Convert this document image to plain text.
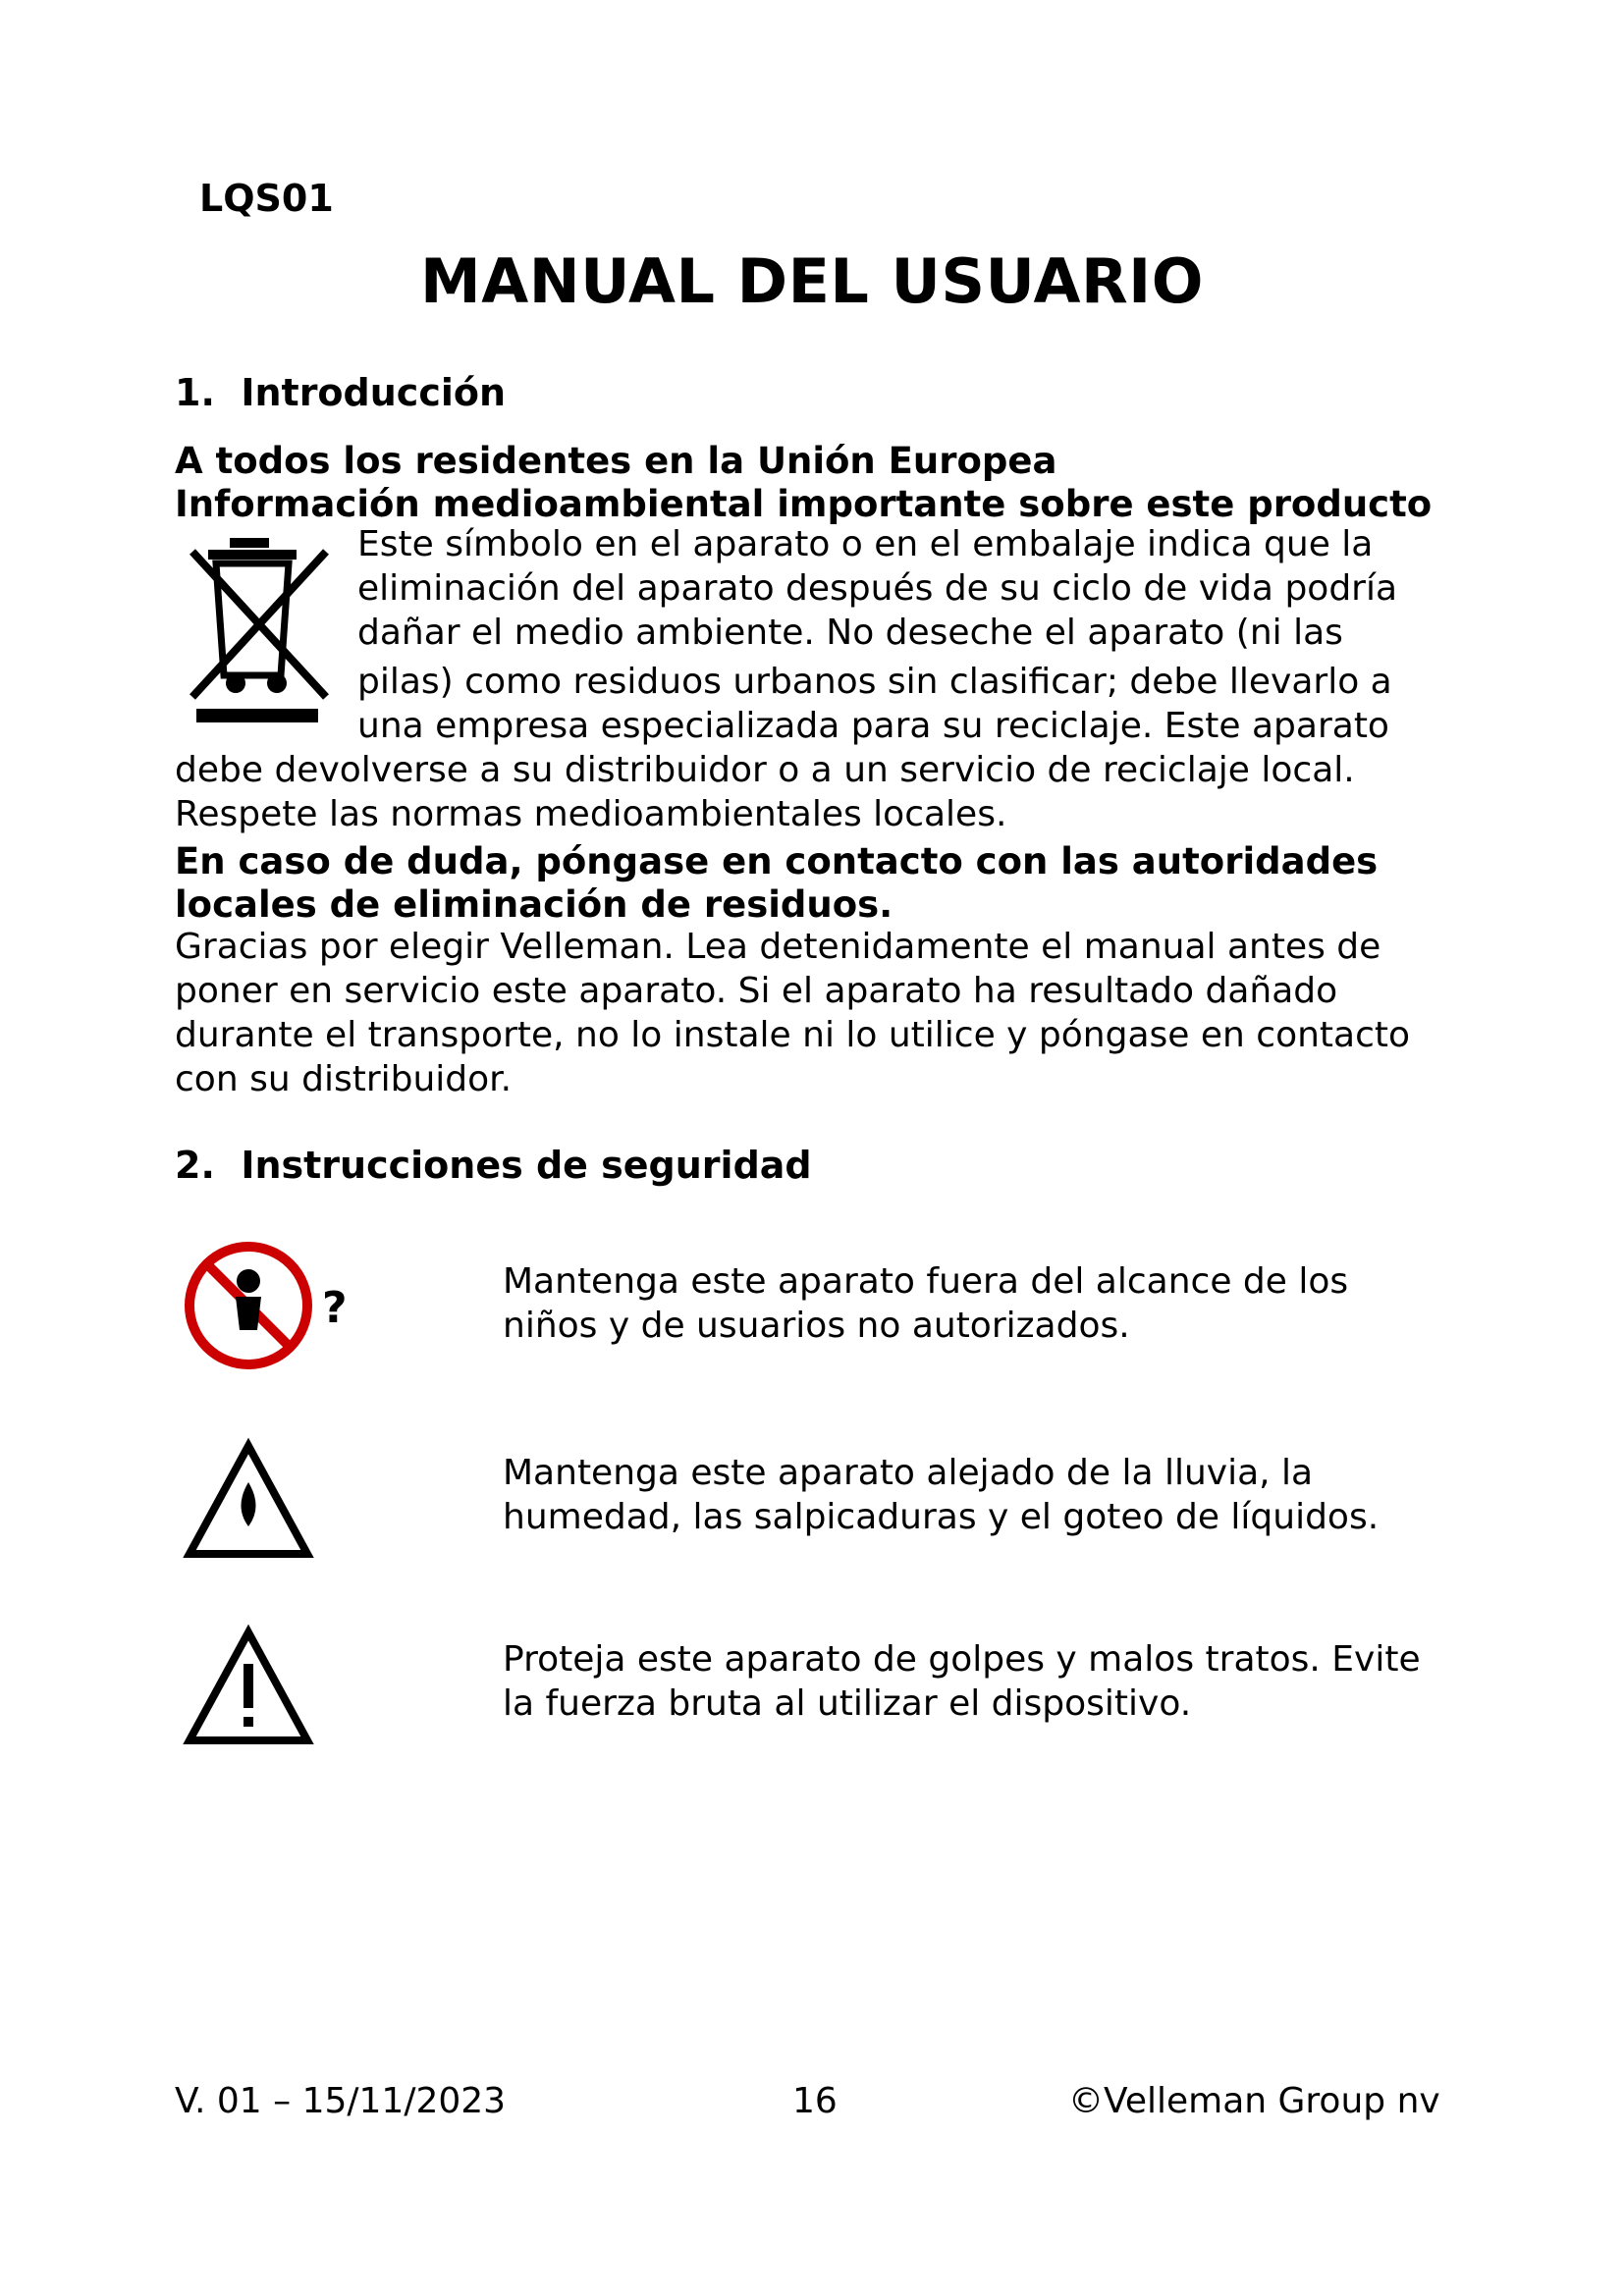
LQS01
MANUAL DEL USUARIO
1.  Introducción
A todos los residentes en la Unión Europea
Información medioambiental importante sobre este producto
Este símbolo en el aparato o en el embalaje indica que la
eliminación del aparato después de su ciclo de vida podría
dañar el medio ambiente. No deseche el aparato (ni las
pilas) como residuos urbanos sin clasificar; debe llevarlo a
una empresa especializada para su reciclaje. Este aparato
debe devolverse a su distribuidor o a un servicio de reciclaje local.
Respete las normas medioambientales locales.
En caso de duda, póngase en contacto con las autoridades
locales de eliminación de residuos.
Gracias por elegir Velleman. Lea detenidamente el manual antes de
poner en servicio este aparato. Si el aparato ha resultado dañado
durante el transporte, no lo instale ni lo utilice y póngase en contacto
con su distribuidor.
2.  Instrucciones de seguridad
?
Mantenga este aparato fuera del alcance de los
niños y de usuarios no autorizados.
Mantenga este aparato alejado de la lluvia, la
humedad, las salpicaduras y el goteo de líquidos.
Proteja este aparato de golpes y malos tratos. Evite
la fuerza bruta al utilizar el dispositivo.
V. 01 – 15/11/2023	16	©Velleman Group nv
